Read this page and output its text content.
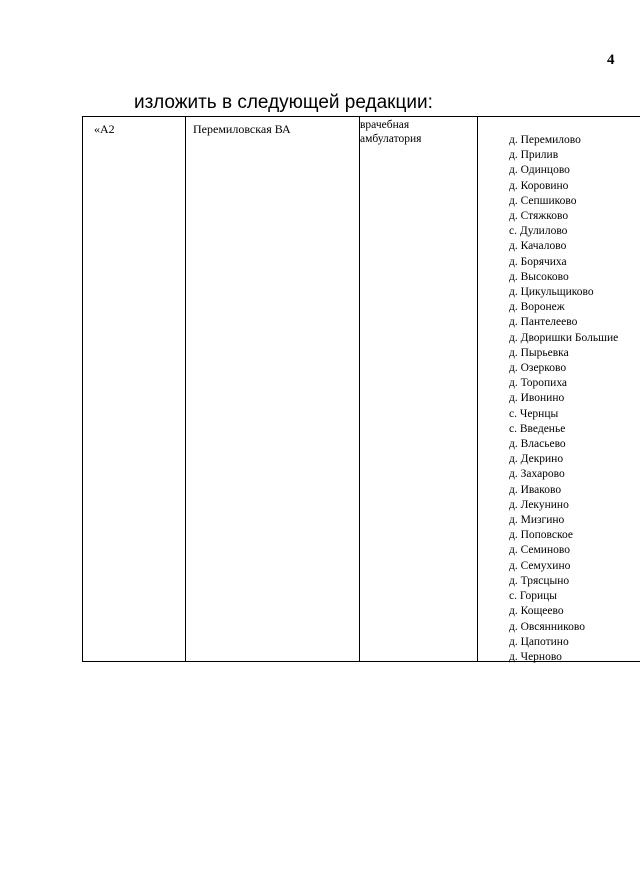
4
изложить в следующей редакции:
«А2	Перемиловская ВА	врачебная
амбулатория	д. Перемилово
д. Прилив
д. Одинцово
д. Коровино
д. Сепшиково
д. Стяжково
с. Дулилово
д. Качалово
д. Борячиха
д. Высоково
д. Цикульщиково
д. Воронеж
д. Пантелеево
д. Дворишки Большие
д. Пырьевка
д. Озерково
д. Торопиха
д. Ивонино
с. Чернцы
с. Введенье
д. Власьево
д. Декрино
д. Захарово
д. Иваково
д. Лекунино
д. Мизгино
д. Поповское
д. Семиново
д. Семухино
д. Трясцыно
с. Горицы
д. Кощеево
д. Овсянниково
д. Цапотино
д. Черново
